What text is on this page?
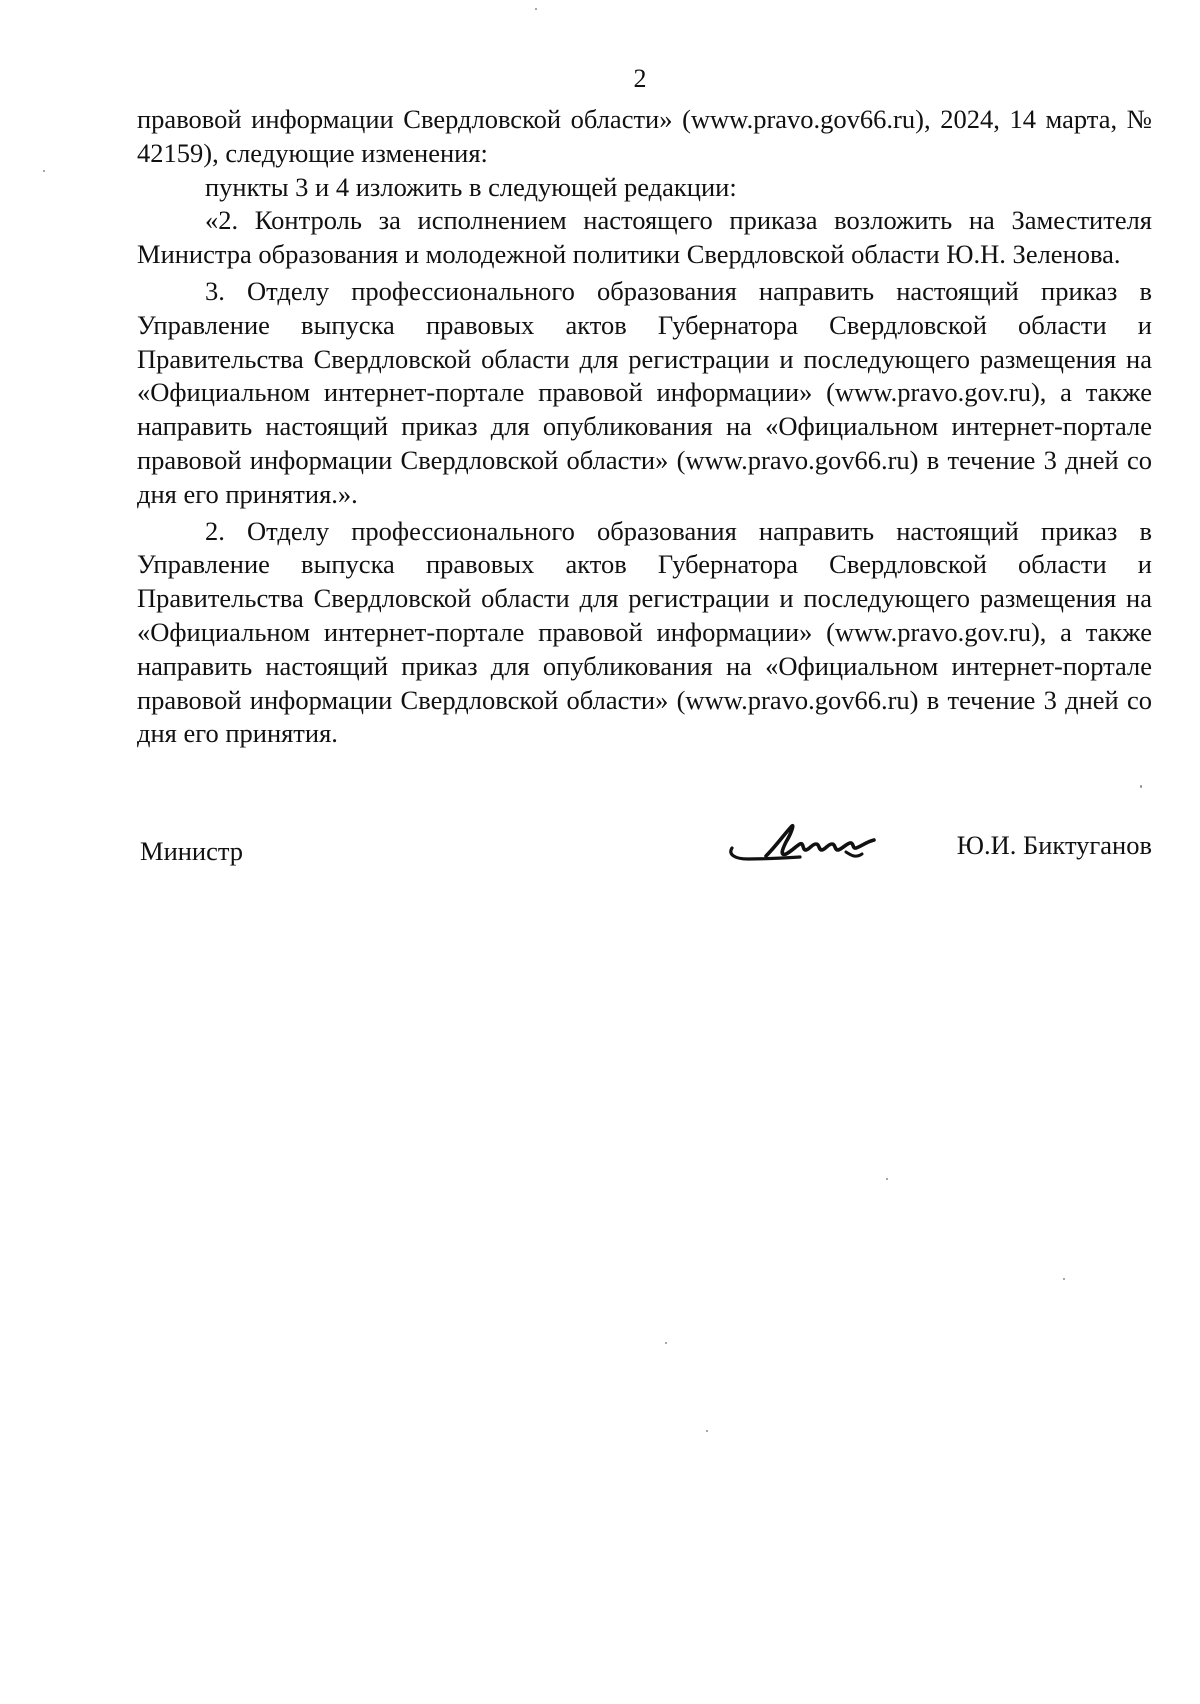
2

правовой информации Свердловской области» (www.pravo.gov66.ru), 2024, 14 марта, № 42159), следующие изменения:

пункты 3 и 4 изложить в следующей редакции:

«2. Контроль за исполнением настоящего приказа возложить на Заместителя Министра образования и молодежной политики Свердловской области Ю.Н. Зеленова.

3. Отделу профессионального образования направить настоящий приказ в Управление выпуска правовых актов Губернатора Свердловской области и Правительства Свердловской области для регистрации и последующего размещения на «Официальном интернет-портале правовой информации» (www.pravo.gov.ru), а также направить настоящий приказ для опубликования на «Официальном интернет-портале правовой информации Свердловской области» (www.pravo.gov66.ru) в течение 3 дней со дня его принятия.».

2. Отделу профессионального образования направить настоящий приказ в Управление выпуска правовых актов Губернатора Свердловской области и Правительства Свердловской области для регистрации и последующего размещения на «Официальном интернет-портале правовой информации» (www.pravo.gov.ru), а также направить настоящий приказ для опубликования на «Официальном интернет-портале правовой информации Свердловской области» (www.pravo.gov66.ru) в течение 3 дней со дня его принятия.

Министр	Ю.И. Биктуганов
